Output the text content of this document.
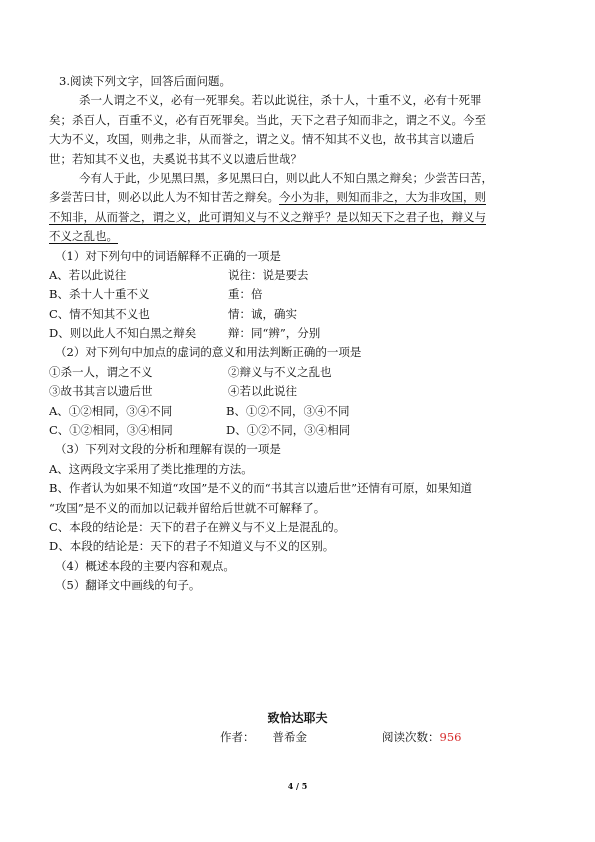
3.阅读下列文字，回答后面问题。
杀一人谓之不义，必有一死罪矣。若以此说往，杀十人，十重不义，必有十死罪
矣；杀百人，百重不义，必有百死罪矣。当此，天下之君子知而非之，谓之不义。今至
大为不义，攻国，则弗之非，从而誉之，谓之义。情不知其不义也，故书其言以遗后
世；若知其不义也，夫奚说书其不义以遗后世哉？
今有人于此，少见黑曰黑，多见黑曰白，则以此人不知白黑之辩矣；少尝苦曰苦，
多尝苦曰甘，则必以此人为不知甘苦之辩矣。今小为非，则知而非之，大为非攻国，则
不知非，从而誉之，谓之义，此可谓知义与不义之辩乎？是以知天下之君子也，辩义与
不义之乱也。
（1）对下列句中的词语解释不正确的一项是
A、若以此说往	说往：说是要去
B、杀十人十重不义	重：倍
C、情不知其不义也	情：诚，确实
D、则以此人不知白黑之辩矣	辩：同“辨”，分别
（2）对下列句中加点的虚词的意义和用法判断正确的一项是
①杀一人，谓之不义	②辩义与不义之乱也
③故书其言以遗后世	④若以此说往
A、①②相同，③④不同	B、①②不同，③④不同
C、①②相同，③④相同	D、①②不同，③④相同
（3）下列对文段的分析和理解有误的一项是
A、这两段文字采用了类比推理的方法。
B、作者认为如果不知道“攻国”是不义的而“书其言以遗后世”还情有可原，如果知道
“攻国”是不义的而加以记载并留给后世就不可解释了。
C、本段的结论是：天下的君子在辨义与不义上是混乱的。
D、本段的结论是：天下的君子不知道义与不义的区别。
（4）概述本段的主要内容和观点。
（5）翻译文中画线的句子。
致恰达耶夫
作者： 普希金	阅读次数：956
4 / 5
